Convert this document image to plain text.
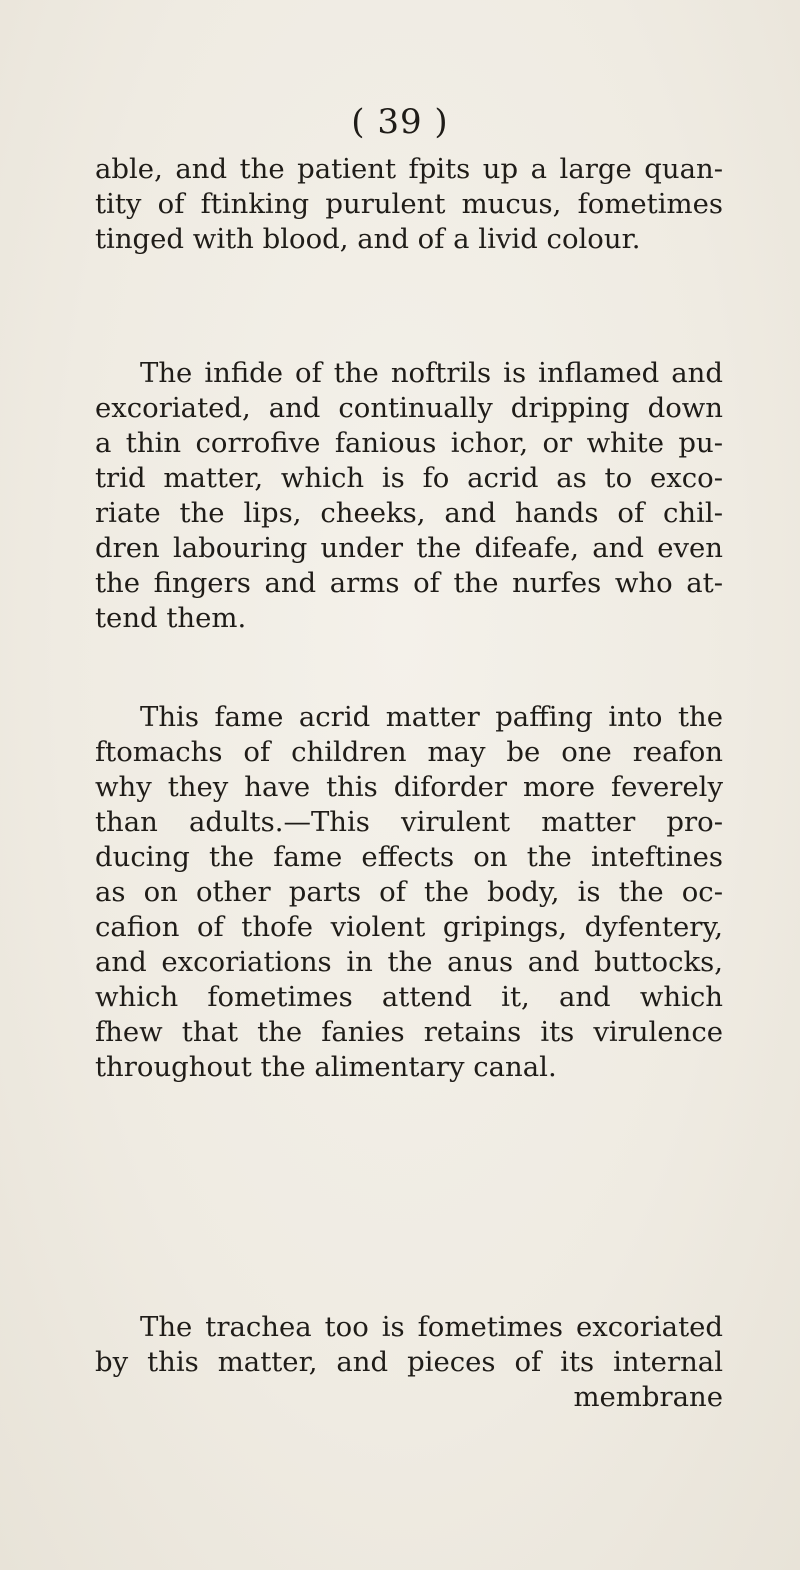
( 39 )
able, and the patient fpits up a large quan-
tity of ftinking purulent mucus, fometimes
tinged with blood, and of a livid colour.
The infide of the noftrils is inflamed and
excoriated, and continually dripping down
a thin corrofive fanious ichor, or white pu-
trid matter, which is fo acrid as to exco-
riate the lips, cheeks, and hands of chil-
dren labouring under the difeafe, and even
the fingers and arms of the nurfes who at-
tend them.
This fame acrid matter paffing into the
ftomachs of children may be one reafon
why they have this diforder more feverely
than adults.—This virulent matter pro-
ducing the fame effects on the inteftines
as on other parts of the body, is the oc-
cafion of thofe violent gripings, dyfentery,
and excoriations in the anus and buttocks,
which fometimes attend it, and which
fhew that the fanies retains its virulence
throughout the alimentary canal.
The trachea too is fometimes excoriated
by this matter, and pieces of its internal
membrane
